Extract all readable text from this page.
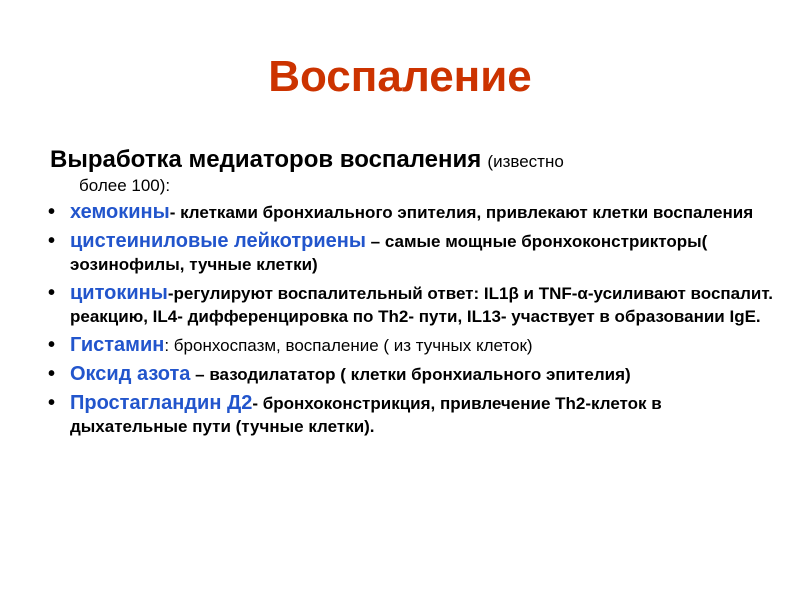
Воспаление
Выработка медиаторов воспаления (известно
более 100):
• хемокины- клетками бронхиального эпителия, привлекают клетки воспаления
• цистеиниловые лейкотриены – самые мощные бронхоконстрикторы( эозинофилы, тучные клетки)
• цитокины-регулируют воспалительный ответ: IL1β и TNF-α-усиливают воспалит. реакцию, IL4- дифференцировка по Th2- пути, IL13- участвует в образовании IgE.
• Гистамин: бронхоспазм, воспаление ( из тучных клеток)
• Оксид азота – вазодилататор ( клетки бронхиального эпителия)
• Простагландин Д2- бронхоконстрикция, привлечение Th2-клеток в дыхательные пути (тучные клетки).
